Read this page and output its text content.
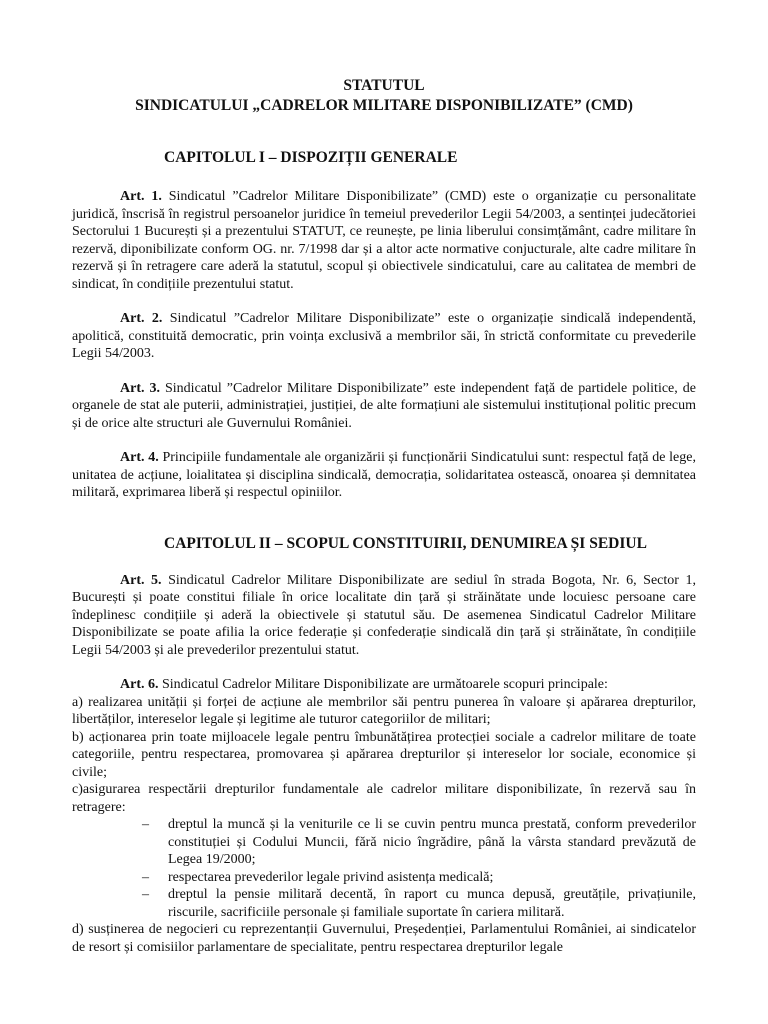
STATUTUL

SINDICATULUI „CADRELOR MILITARE DISPONIBILIZATE” (CMD)

CAPITOLUL I – DISPOZIȚII GENERALE

Art. 1. Sindicatul ”Cadrelor Militare Disponibilizate” (CMD) este o organizație cu personalitate juridică, înscrisă în registrul persoanelor juridice în temeiul prevederilor Legii 54/2003, a sentinței judecătoriei Sectorului 1 București și a prezentului STATUT, ce reunește, pe linia liberului consimțământ, cadre militare în rezervă, diponibilizate conform OG. nr. 7/1998 dar și a altor acte normative conjucturale, alte cadre militare în rezervă și în retragere care aderă la statutul, scopul și obiectivele sindicatului, care au calitatea de membri de sindicat, în condițiile prezentului statut.

Art. 2. Sindicatul ”Cadrelor Militare Disponibilizate” este o organizație sindicală independentă, apolitică, constituită democratic, prin voința exclusivă a membrilor săi, în strictă conformitate cu prevederile Legii 54/2003.

Art. 3. Sindicatul ”Cadrelor Militare Disponibilizate” este independent față de partidele politice, de organele de stat ale puterii, administrației, justiției, de alte formațiuni ale sistemului instituțional politic precum și de orice alte structuri ale Guvernului României.

Art. 4. Principiile fundamentale ale organizării și funcționării Sindicatului sunt: respectul față de lege, unitatea de acțiune, loialitatea și disciplina sindicală, democrația, solidaritatea ostească, onoarea și demnitatea militară, exprimarea liberă și respectul opiniilor.

CAPITOLUL II – SCOPUL CONSTITUIRII, DENUMIREA ȘI SEDIUL

Art. 5. Sindicatul Cadrelor Militare Disponibilizate are sediul în strada Bogota, Nr. 6, Sector 1, București și poate constitui filiale în orice localitate din țară și străinătate unde locuiesc persoane care îndeplinesc condițiile și aderă la obiectivele și statutul său. De asemenea Sindicatul Cadrelor Militare Disponibilizate se poate afilia la orice federație și confederație sindicală din țară și străinătate, în condițiile Legii 54/2003 și ale prevederilor prezentului statut.

Art. 6. Sindicatul Cadrelor Militare Disponibilizate are următoarele scopuri principale:

a) realizarea unității și forței de acțiune ale membrilor săi pentru punerea în valoare și apărarea drepturilor, libertăților, intereselor legale și legitime ale tuturor categoriilor de militari;

b) acționarea prin toate mijloacele legale pentru îmbunătățirea protecției sociale a cadrelor militare de toate categoriile, pentru respectarea, promovarea și apărarea drepturilor și intereselor lor sociale, economice și civile;

c)asigurarea respectării drepturilor fundamentale ale cadrelor militare disponibilizate, în rezervă sau în retragere:

– dreptul la muncă și la veniturile ce li se cuvin pentru munca prestată, conform prevederilor constituției și Codului Muncii, fără nicio îngrădire, până la vârsta standard prevăzută de Legea 19/2000;
– respectarea prevederilor legale privind asistența medicală;
– dreptul la pensie militară decentă, în raport cu munca depusă, greutățile, privațiunile, riscurile, sacrificiile personale și familiale suportate în cariera militară.

d) susținerea de negocieri cu reprezentanții Guvernului, Președenției, Parlamentului României, ai sindicatelor de resort și comisiilor parlamentare de specialitate, pentru respectarea drepturilor legale
